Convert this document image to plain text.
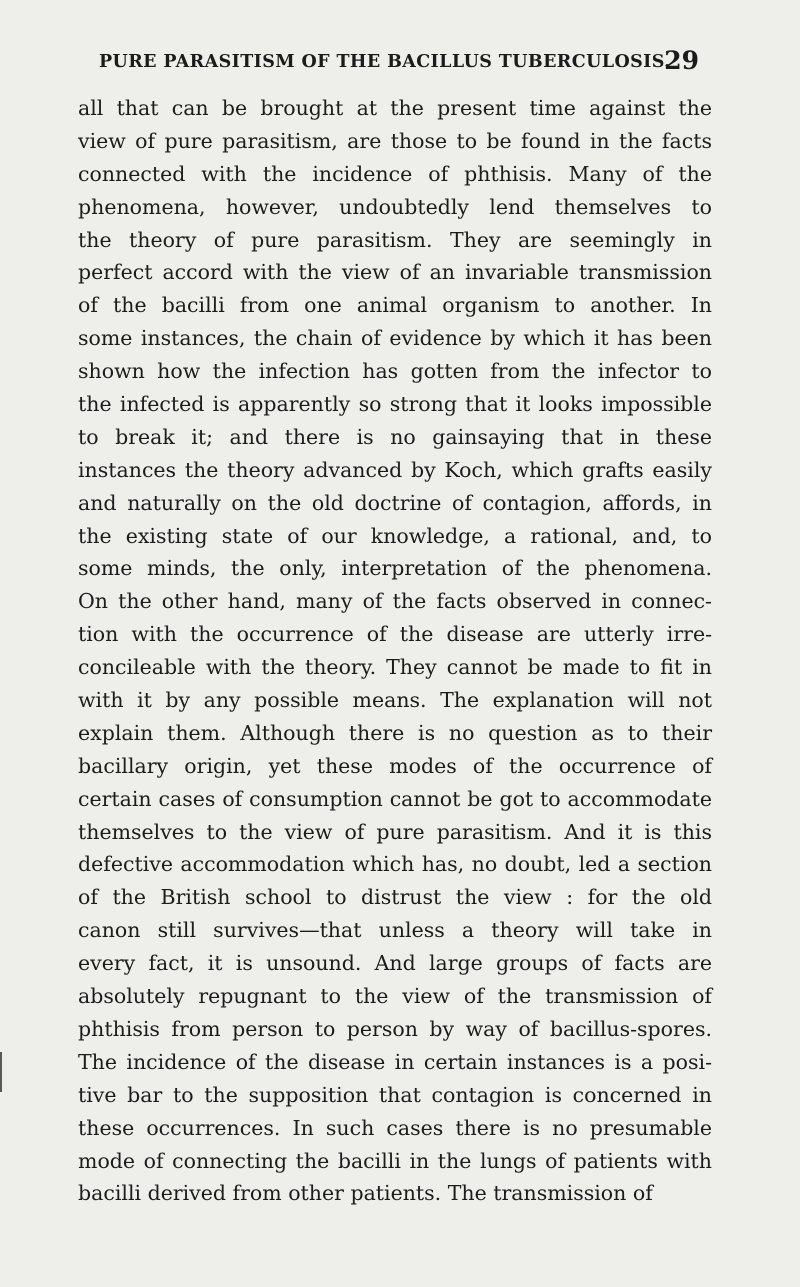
PURE PARASITISM OF THE BACILLUS TUBERCULOSIS.
29
all that can be brought at the present time against the
view of pure parasitism, are those to be found in the facts
connected with the incidence of phthisis. Many of the
phenomena, however, undoubtedly lend themselves to
the theory of pure parasitism. They are seemingly in
perfect accord with the view of an invariable transmission
of the bacilli from one animal organism to another. In
some instances, the chain of evidence by which it has been
shown how the infection has gotten from the infector to
the infected is apparently so strong that it looks impossible
to break it; and there is no gainsaying that in these
instances the theory advanced by Koch, which grafts easily
and naturally on the old doctrine of contagion, affords, in
the existing state of our knowledge, a rational, and, to
some minds, the only, interpretation of the phenomena.
On the other hand, many of the facts observed in connec-
tion with the occurrence of the disease are utterly irre-
concileable with the theory. They cannot be made to fit in
with it by any possible means. The explanation will not
explain them. Although there is no question as to their
bacillary origin, yet these modes of the occurrence of
certain cases of consumption cannot be got to accommodate
themselves to the view of pure parasitism. And it is this
defective accommodation which has, no doubt, led a section
of the British school to distrust the view : for the old
canon still survives—that unless a theory will take in
every fact, it is unsound. And large groups of facts are
absolutely repugnant to the view of the transmission of
phthisis from person to person by way of bacillus-spores.
The incidence of the disease in certain instances is a posi-
tive bar to the supposition that contagion is concerned in
these occurrences. In such cases there is no presumable
mode of connecting the bacilli in the lungs of patients with
bacilli derived from other patients. The transmission of
